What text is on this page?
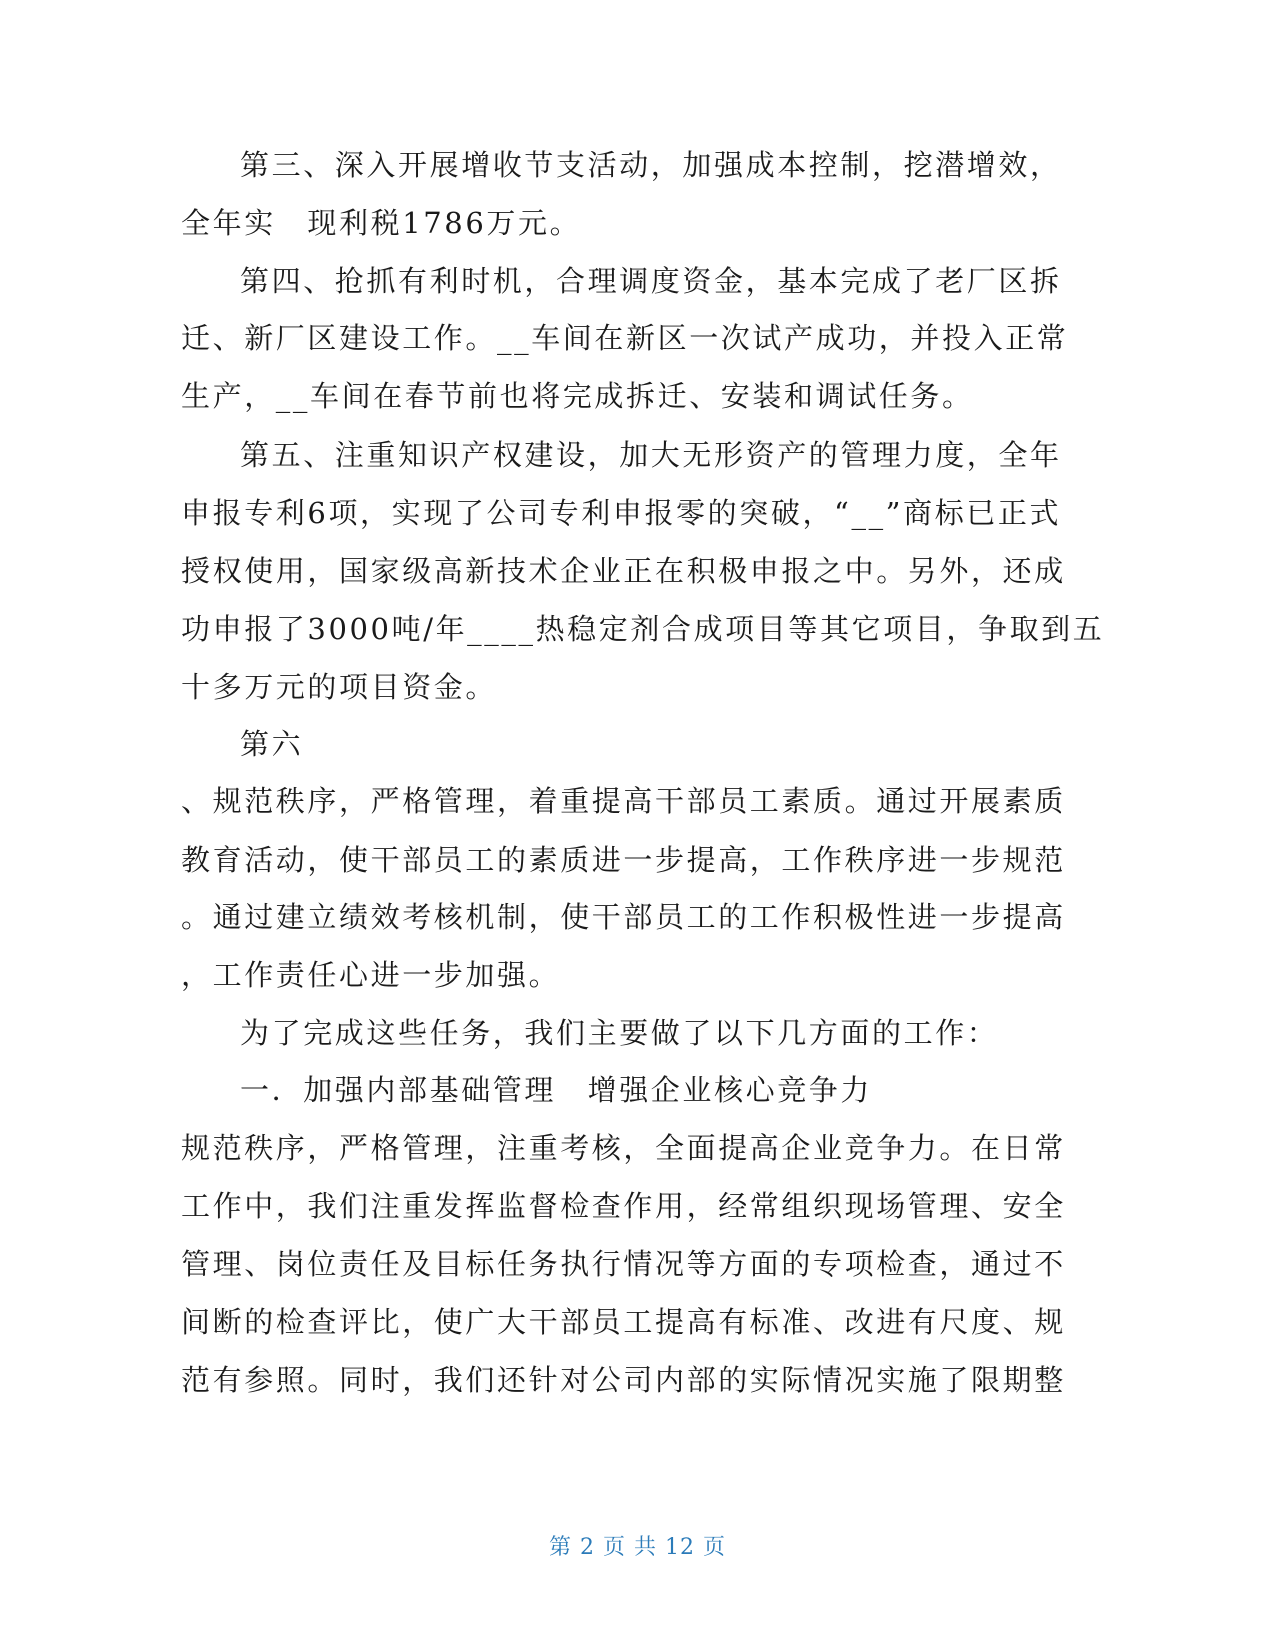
第三、深入开展增收节支活动，加强成本控制，挖潜增效，
全年实　现利税1786万元。
第四、抢抓有利时机，合理调度资金，基本完成了老厂区拆
迁、新厂区建设工作。__车间在新区一次试产成功，并投入正常
生产，__车间在春节前也将完成拆迁、安装和调试任务。
第五、注重知识产权建设，加大无形资产的管理力度，全年
申报专利6项，实现了公司专利申报零的突破，“__”商标已正式
授权使用，国家级高新技术企业正在积极申报之中。另外，还成
功申报了3000吨/年____热稳定剂合成项目等其它项目，争取到五
十多万元的项目资金。
第六
、规范秩序，严格管理，着重提高干部员工素质。通过开展素质
教育活动，使干部员工的素质进一步提高，工作秩序进一步规范
。通过建立绩效考核机制，使干部员工的工作积极性进一步提高
，工作责任心进一步加强。
为了完成这些任务，我们主要做了以下几方面的工作：
一．加强内部基础管理　增强企业核心竞争力
规范秩序，严格管理，注重考核，全面提高企业竞争力。在日常
工作中，我们注重发挥监督检查作用，经常组织现场管理、安全
管理、岗位责任及目标任务执行情况等方面的专项检查，通过不
间断的检查评比，使广大干部员工提高有标准、改进有尺度、规
范有参照。同时，我们还针对公司内部的实际情况实施了限期整
第 2 页 共 12 页
